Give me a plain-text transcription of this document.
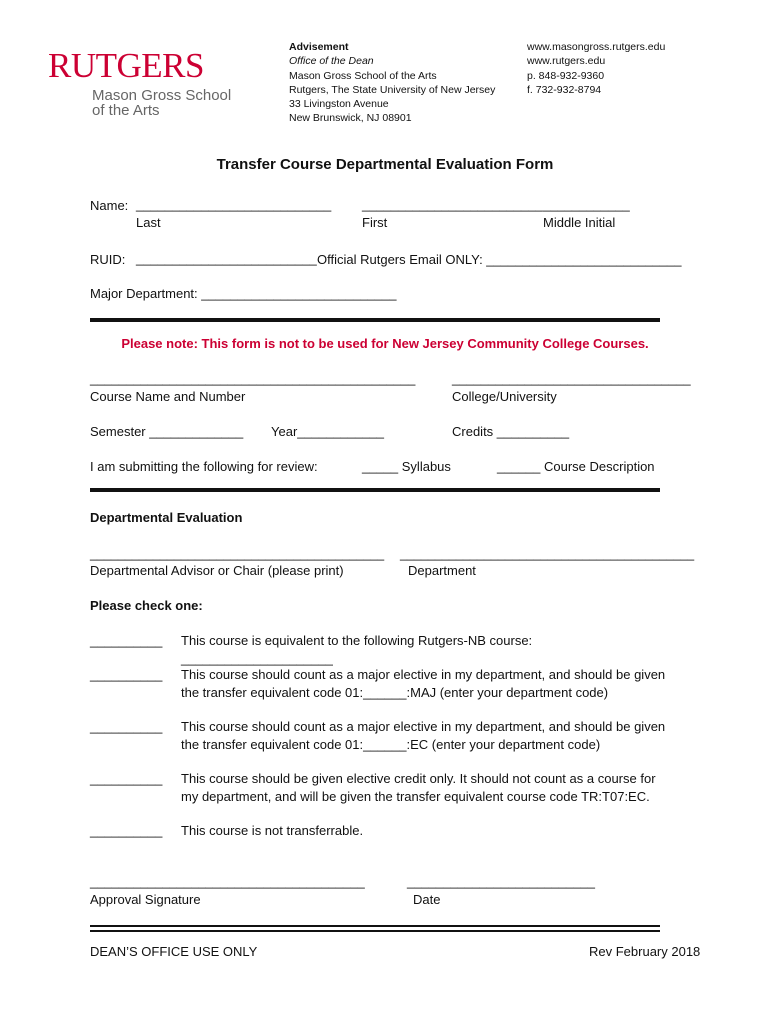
RUTGERS
Mason Gross School
of the Arts
Advisement
Office of the Dean
Mason Gross School of the Arts
Rutgers, The State University of New Jersey
33 Livingston Avenue
New Brunswick, NJ 08901
www.masongross.rutgers.edu
www.rutgers.edu
p. 848-932-9360
f. 732-932-8794
Transfer Course Departmental Evaluation Form
Name: ___________________________ _________________________ ____________
Last	First	Middle Initial
RUID: _________________________ Official Rutgers Email ONLY: ___________________________
Major Department: ___________________________
Please note: This form is not to be used for New Jersey Community College Courses.
_____________________________________________	_________________________________
Course Name and Number	College/University
Semester _____________ Year____________	Credits __________
I am submitting the following for review:	_____ Syllabus	______ Course Description
Departmental Evaluation
__________________________________________ __________________________________________
Departmental Advisor or Chair (please print)	Department
Please check one:
__________ This course is equivalent to the following Rutgers-NB course: _____________________
__________ This course should count as a major elective in my department, and should be given the transfer equivalent code 01:______:MAJ (enter your department code)
__________ This course should count as a major elective in my department, and should be given the transfer equivalent code 01:______:EC (enter your department code)
__________ This course should be given elective credit only. It should not count as a course for my department, and will be given the transfer equivalent course code TR:T07:EC.
__________ This course is not transferrable.
______________________________________	__________________________
Approval Signature	Date
DEAN’S OFFICE USE ONLY	Rev February 2018
